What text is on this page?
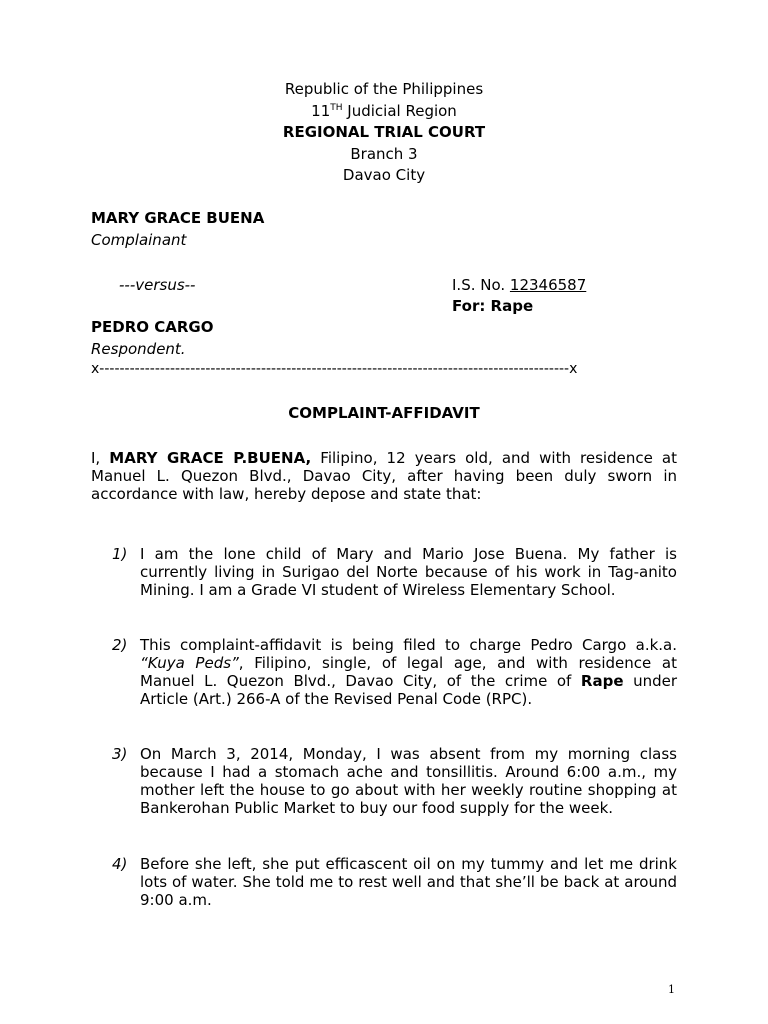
Republic of the Philippines
11TH Judicial Region
REGIONAL TRIAL COURT
Branch 3
Davao City
MARY GRACE BUENA
Complainant
---versus--	I.S. No. 12346587
For: Rape
PEDRO CARGO
Respondent.
x---------------------------------------------------------------------------------------------x
COMPLAINT-AFFIDAVIT
I, MARY GRACE P.BUENA, Filipino, 12 years old, and with residence at Manuel L. Quezon Blvd., Davao City, after having been duly sworn in accordance with law, hereby depose and state that:
1) I am the lone child of Mary and Mario Jose Buena. My father is currently living in Surigao del Norte because of his work in Tag-anito Mining. I am a Grade VI student of Wireless Elementary School.
2) This complaint-affidavit is being filed to charge Pedro Cargo a.k.a. “Kuya Peds”, Filipino, single, of legal age, and with residence at Manuel L. Quezon Blvd., Davao City, of the crime of Rape under Article (Art.) 266-A of the Revised Penal Code (RPC).
3) On March 3, 2014, Monday, I was absent from my morning class because I had a stomach ache and tonsillitis. Around 6:00 a.m., my mother left the house to go about with her weekly routine shopping at Bankerohan Public Market to buy our food supply for the week.
4) Before she left, she put efficascent oil on my tummy and let me drink lots of water. She told me to rest well and that she’ll be back at around 9:00 a.m.
1
